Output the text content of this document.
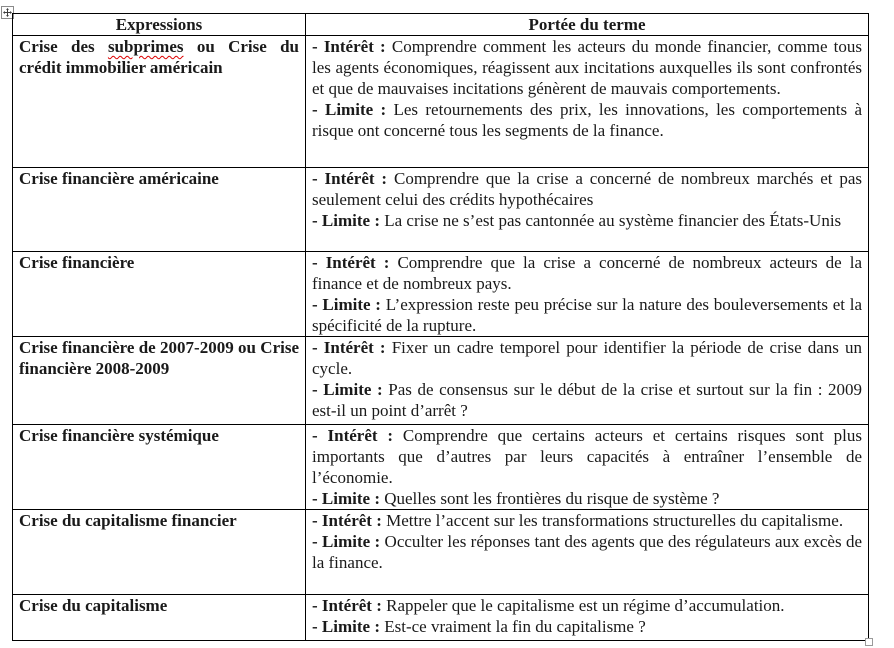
Expressions	Portée du terme
Crise des subprimes ou Crise du crédit immobilier américain	- Intérêt : Comprendre comment les acteurs du monde financier, comme tous les agents économiques, réagissent aux incitations auxquelles ils sont confrontés et que de mauvaises incitations génèrent de mauvais comportements.

- Limite : Les retournements des prix, les innovations, les comportements à risque ont concerné tous les segments de la finance.

Crise financière américaine	- Intérêt : Comprendre que la crise a concerné de nombreux marchés et pas seulement celui des crédits hypothécaires

- Limite : La crise ne s’est pas cantonnée au système financier des États-Unis

Crise financière	- Intérêt : Comprendre que la crise a concerné de nombreux acteurs de la finance et de nombreux pays.

- Limite : L’expression reste peu précise sur la nature des bouleversements et la spécificité de la rupture.

Crise financière de 2007-2009 ou Crise financière 2008-2009	- Intérêt : Fixer un cadre temporel pour identifier la période de crise dans un cycle.

- Limite : Pas de consensus sur le début de la crise et surtout sur la fin : 2009 est-il un point d’arrêt ?

Crise financière systémique	- Intérêt : Comprendre que certains acteurs et certains risques sont plus importants que d’autres par leurs capacités à entraîner l’ensemble de l’économie.

- Limite : Quelles sont les frontières du risque de système ?

Crise du capitalisme financier	- Intérêt : Mettre l’accent sur les transformations structurelles du capitalisme.

- Limite : Occulter les réponses tant des agents que des régulateurs aux excès de la finance.

Crise du capitalisme	- Intérêt : Rappeler que le capitalisme est un régime d’accumulation.

- Limite : Est-ce vraiment la fin du capitalisme ?
